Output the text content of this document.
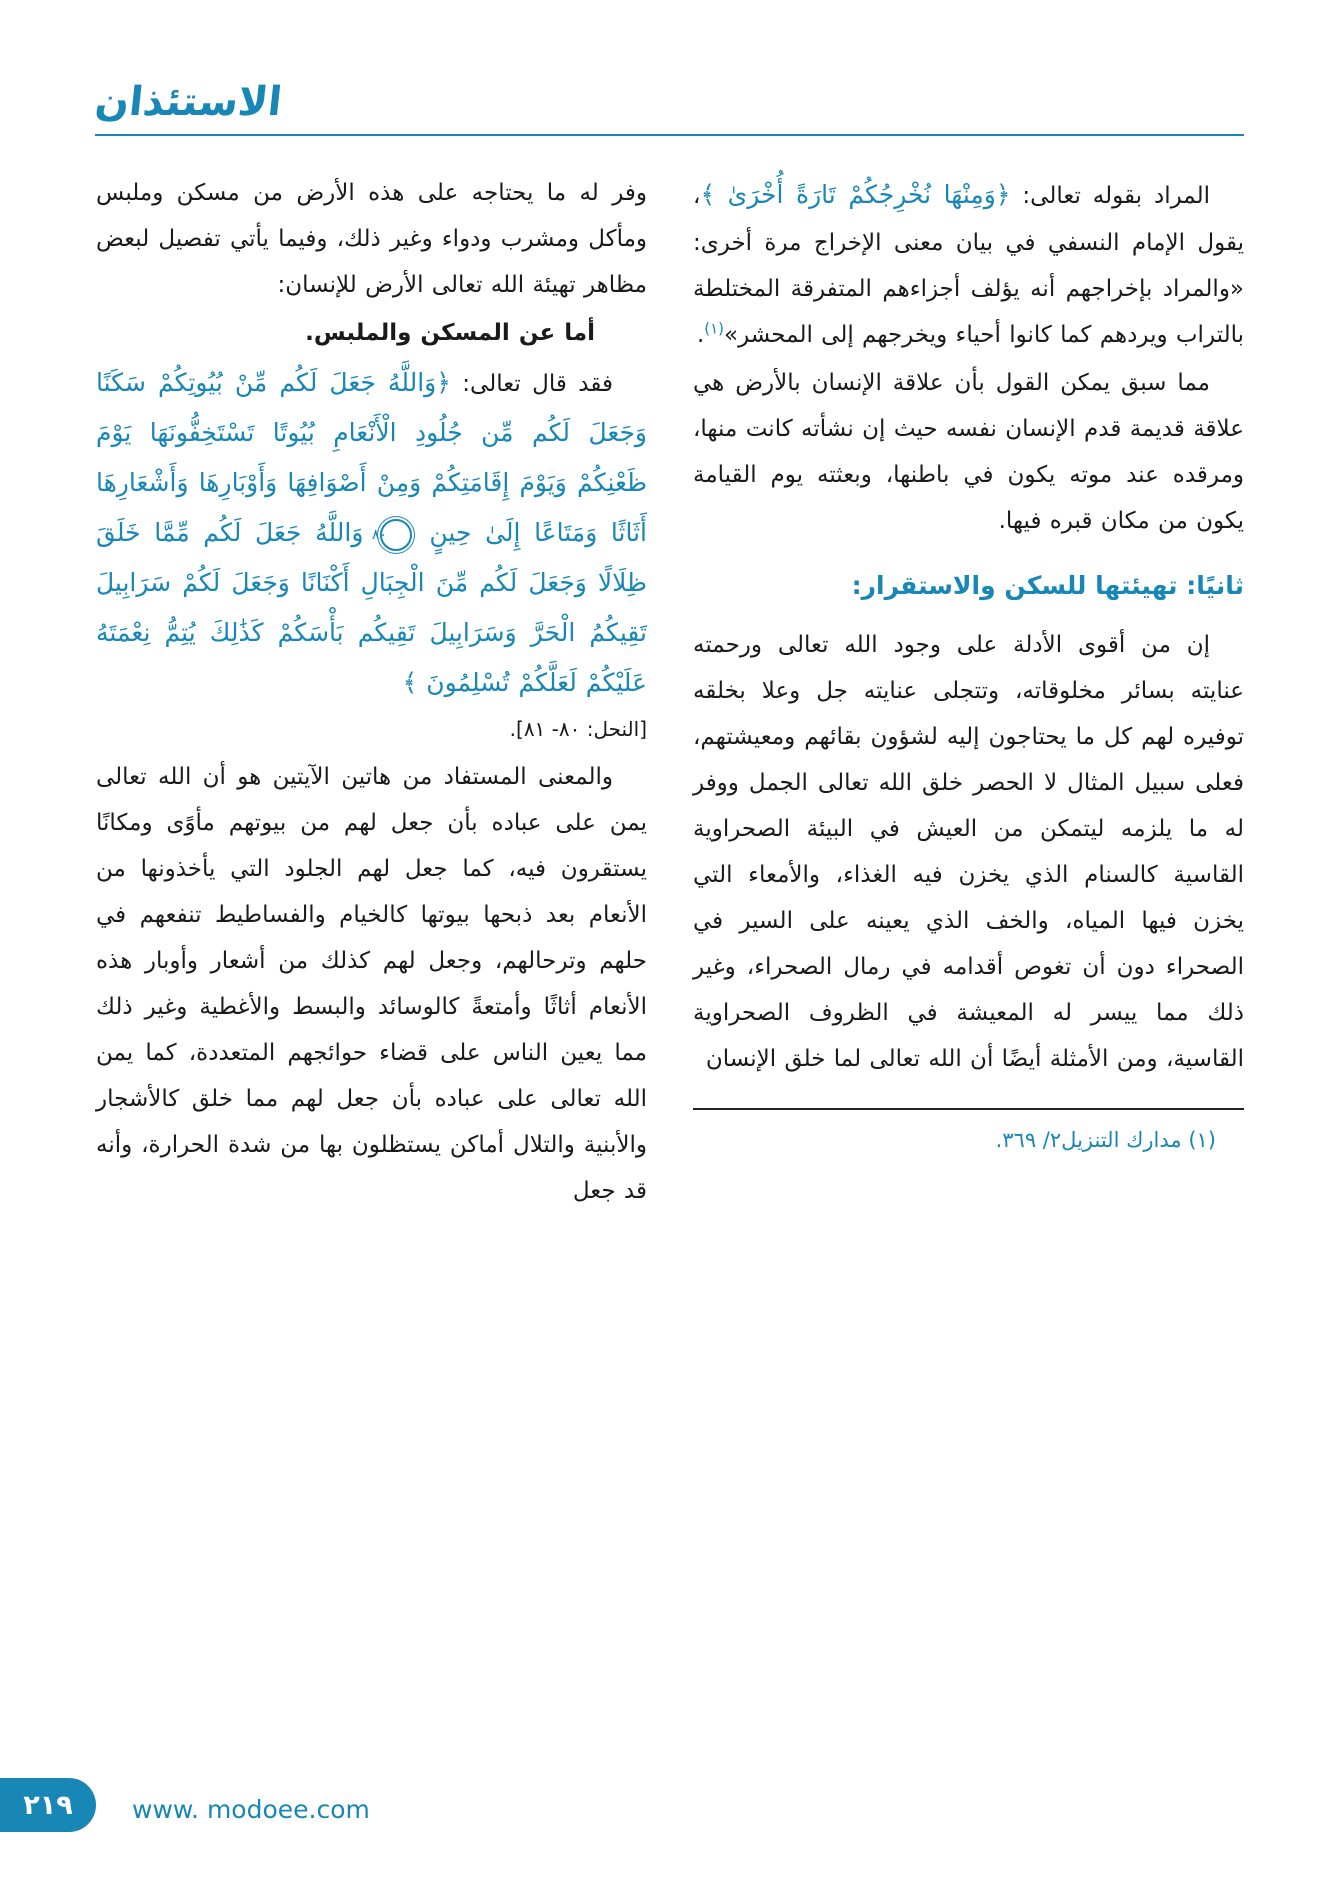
الاستئذان

المراد بقوله تعالى: ﴿وَمِنْهَا نُخْرِجُكُمْ تَارَةً أُخْرَىٰ ﴾، يقول الإمام النسفي في بيان معنى الإخراج مرة أخرى: «والمراد بإخراجهم أنه يؤلف أجزاءهم المتفرقة المختلطة بالتراب ويردهم كما كانوا أحياء ويخرجهم إلى المحشر»$^{(١)}$.

مما سبق يمكن القول بأن علاقة الإنسان بالأرض هي علاقة قديمة قدم الإنسان نفسه حيث إن نشأته كانت منها، ومرقده عند موته يكون في باطنها، وبعثته يوم القيامة يكون من مكان قبره فيها.

ثانيًا: تهيئتها للسكن والاستقرار:

إن من أقوى الأدلة على وجود الله تعالى ورحمته عنايته بسائر مخلوقاته، وتتجلى عنايته جل وعلا بخلقه توفيره لهم كل ما يحتاجون إليه لشؤون بقائهم ومعيشتهم، فعلى سبيل المثال لا الحصر خلق الله تعالى الجمل ووفر له ما يلزمه ليتمكن من العيش في البيئة الصحراوية القاسية كالسنام الذي يخزن فيه الغذاء، والأمعاء التي يخزن فيها المياه، والخف الذي يعينه على السير في الصحراء دون أن تغوص أقدامه في رمال الصحراء، وغير ذلك مما ييسر له المعيشة في الظروف الصحراوية القاسية، ومن الأمثلة أيضًا أن الله تعالى لما خلق الإنسان

(١) مدارك التنزيل٢/ ٣٦٩.

وفر له ما يحتاجه على هذه الأرض من مسكن وملبس ومأكل ومشرب ودواء وغير ذلك، وفيما يأتي تفصيل لبعض مظاهر تهيئة الله تعالى الأرض للإنسان:

أما عن المسكن والملبس.

فقد قال تعالى: ﴿وَاللَّهُ جَعَلَ لَكُم مِّنْ بُيُوتِكُمْ سَكَنًا وَجَعَلَ لَكُم مِّن جُلُودِ الْأَنْعَامِ بُيُوتًا تَسْتَخِفُّونَهَا يَوْمَ ظَعْنِكُمْ وَيَوْمَ إِقَامَتِكُمْ وَمِنْ أَصْوَافِهَا وَأَوْبَارِهَا وَأَشْعَارِهَا أَثَاثًا وَمَتَاعًا إِلَىٰ حِينٍ
٨٠
وَاللَّهُ جَعَلَ لَكُم مِّمَّا خَلَقَ ظِلَالًا وَجَعَلَ لَكُم مِّنَ الْجِبَالِ أَكْنَانًا وَجَعَلَ لَكُمْ سَرَابِيلَ تَقِيكُمُ الْحَرَّ وَسَرَابِيلَ تَقِيكُم بَأْسَكُمْ كَذَٰلِكَ يُتِمُّ نِعْمَتَهُ عَلَيْكُمْ لَعَلَّكُمْ تُسْلِمُونَ ﴾

[النحل: ٨٠- ٨١].

والمعنى المستفاد من هاتين الآيتين هو أن الله تعالى يمن على عباده بأن جعل لهم من بيوتهم مأوًى ومكانًا يستقرون فيه، كما جعل لهم الجلود التي يأخذونها من الأنعام بعد ذبحها بيوتها كالخيام والفساطيط تنفعهم في حلهم وترحالهم، وجعل لهم كذلك من أشعار وأوبار هذه الأنعام أثاثًا وأمتعةً كالوسائد والبسط والأغطية وغير ذلك مما يعين الناس على قضاء حوائجهم المتعددة، كما يمن الله تعالى على عباده بأن جعل لهم مما خلق كالأشجار والأبنية والتلال أماكن يستظلون بها من شدة الحرارة، وأنه قد جعل

٢١٩ www. modoee.com
